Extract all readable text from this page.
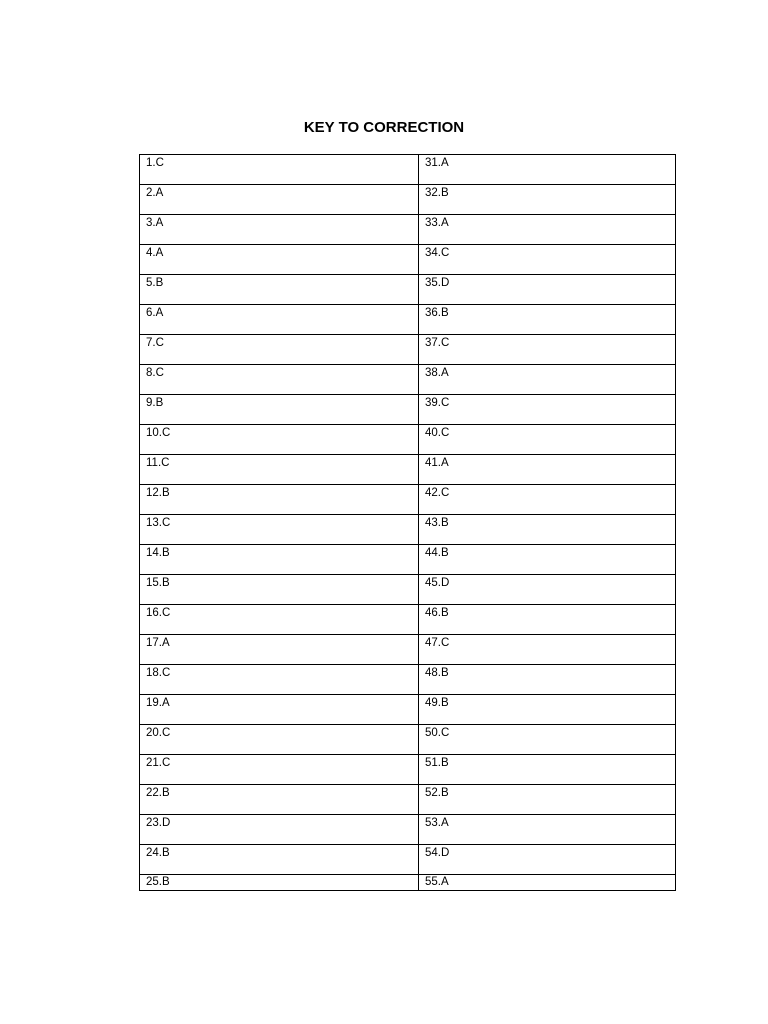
KEY TO CORRECTION
1.C	31.A
2.A	32.B
3.A	33.A
4.A	34.C
5.B	35.D
6.A	36.B
7.C	37.C
8.C	38.A
9.B	39.C
10.C	40.C
11.C	41.A
12.B	42.C
13.C	43.B
14.B	44.B
15.B	45.D
16.C	46.B
17.A	47.C
18.C	48.B
19.A	49.B
20.C	50.C
21.C	51.B
22.B	52.B
23.D	53.A
24.B	54.D
25.B	55.A
